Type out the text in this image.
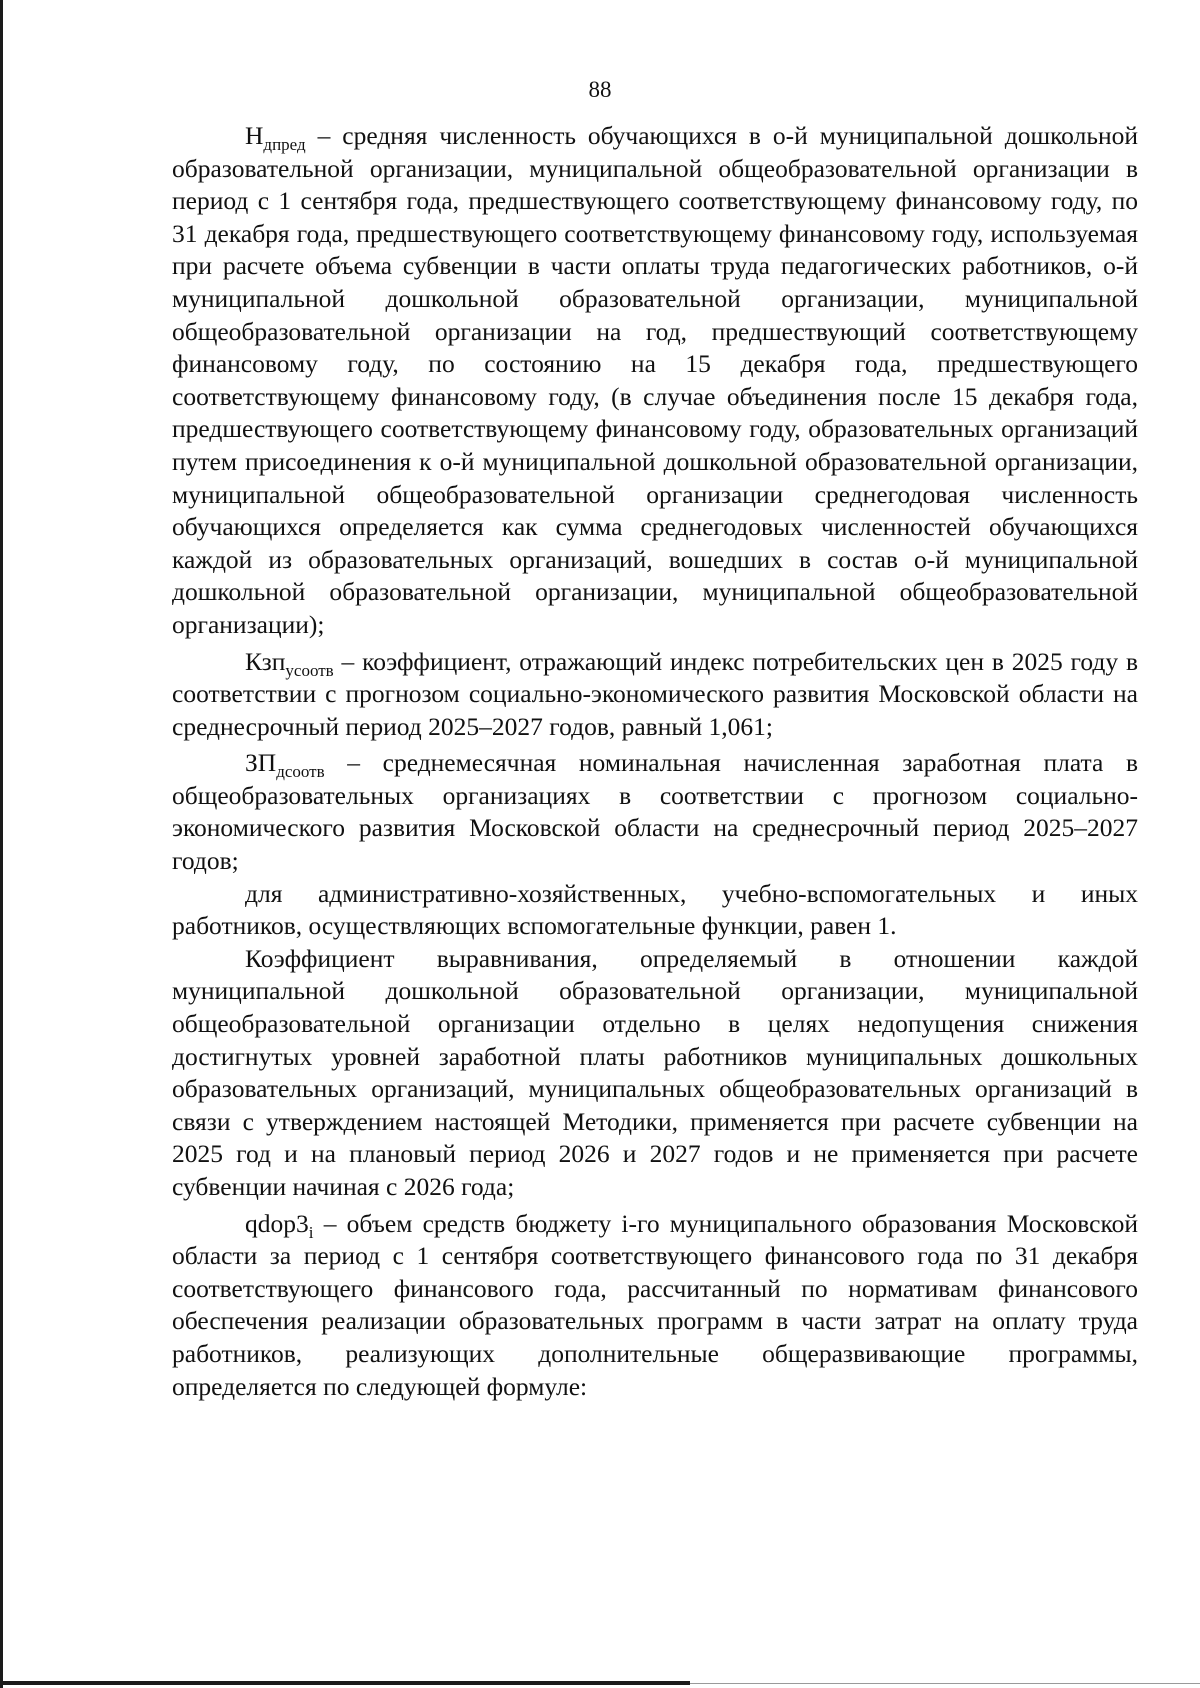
88

$Н_{дпред}$ – средняя численность обучающихся в о-й муниципальной дошкольной образовательной организации, муниципальной общеобразовательной организации в период с 1 сентября года, предшествующего соответствующему финансовому году, по 31 декабря года, предшествующего соответствующему финансовому году, используемая при расчете объема субвенции в части оплаты труда педагогических работников, о-й муниципальной дошкольной образовательной организации, муниципальной общеобразовательной организации на год, предшествующий соответствующему финансовому году, по состоянию на 15 декабря года, предшествующего соответствующему финансовому году, (в случае объединения после 15 декабря года, предшествующего соответствующему финансовому году, образовательных организаций путем присоединения к о-й муниципальной дошкольной образовательной организации, муниципальной общеобразовательной организации среднегодовая численность обучающихся определяется как сумма среднегодовых численностей обучающихся каждой из образовательных организаций, вошедших в состав о-й муниципальной дошкольной образовательной организации, муниципальной общеобразовательной организации);

Кзп$_{усоотв}$ – коэффициент, отражающий индекс потребительских цен в 2025 году в соответствии с прогнозом социально-экономического развития Московской области на среднесрочный период 2025–2027 годов, равный 1,061;

$ЗП_{дсоотв}$ – среднемесячная номинальная начисленная заработная плата в общеобразовательных организациях в соответствии с прогнозом социально-экономического развития Московской области на среднесрочный период 2025–2027 годов;

для административно-хозяйственных, учебно-вспомогательных и иных работников, осуществляющих вспомогательные функции, равен 1.

Коэффициент выравнивания, определяемый в отношении каждой муниципальной дошкольной образовательной организации, муниципальной общеобразовательной организации отдельно в целях недопущения снижения достигнутых уровней заработной платы работников муниципальных дошкольных образовательных организаций, муниципальных общеобразовательных организаций в связи с утверждением настоящей Методики, применяется при расчете субвенции на 2025 год и на плановый период 2026 и 2027 годов и не применяется при расчете субвенции начиная с 2026 года;

$qdop3_i$ – объем средств бюджету i-го муниципального образования Московской области за период с 1 сентября соответствующего финансового года по 31 декабря соответствующего финансового года, рассчитанный по нормативам финансового обеспечения реализации образовательных программ в части затрат на оплату труда работников, реализующих дополнительные общеразвивающие программы, определяется по следующей формуле:
